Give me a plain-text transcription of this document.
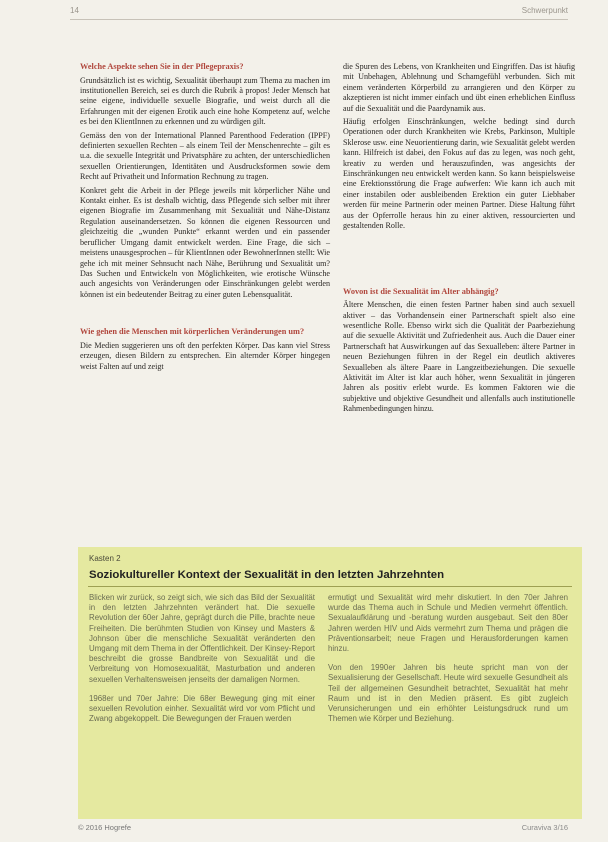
14	Schwerpunkt

Welche Aspekte sehen Sie in der Pflegepraxis?

Grundsätzlich ist es wichtig, Sexualität überhaupt zum Thema zu machen im institutionellen Bereich, sei es durch die Rubrik à propos! Jeder Mensch hat seine eigene, individuelle sexuelle Biografie, und weist durch all die Erfahrungen mit der eigenen Erotik auch eine hohe Kompetenz auf, welche es bei den KlientInnen zu erkennen und zu würdigen gilt.

Gemäss den von der International Planned Parenthood Federation (IPPF) definierten sexuellen Rechten – als einem Teil der Menschenrechte – gilt es u.a. die sexuelle Integrität und Privatsphäre zu achten, der unterschiedlichen sexuellen Orientierungen, Identitäten und Ausdrucksformen sowie dem Recht auf Privatheit und Information Rechnung zu tragen.

Konkret geht die Arbeit in der Pflege jeweils mit körperlicher Nähe und Kontakt einher. Es ist deshalb wichtig, dass Pflegende sich selber mit ihrer eigenen Biografie im Zusammenhang mit Sexualität und Nähe-Distanz Regulation auseinandersetzen. So können die eigenen Ressourcen und gleichzeitig die „wunden Punkte“ erkannt werden und ein passender beruflicher Umgang damit entwickelt werden. Eine Frage, die sich – meistens unausgesprochen – für KlientInnen oder BewohnerInnen stellt: Wie gehe ich mit meiner Sehnsucht nach Nähe, Berührung und Sexualität um? Das Suchen und Entwickeln von Möglichkeiten, wie erotische Wünsche auch angesichts von Veränderungen oder Einschränkungen gelebt werden können ist ein bedeutender Beitrag zu einer guten Lebensqualität.

Wie gehen die Menschen mit körperlichen Veränderungen um?

Die Medien suggerieren uns oft den perfekten Körper. Das kann viel Stress erzeugen, diesen Bildern zu entsprechen. Ein alternder Körper hingegen weist Falten auf und zeigt

die Spuren des Lebens, von Krankheiten und Eingriffen. Das ist häufig mit Unbehagen, Ablehnung und Schamgefühl verbunden. Sich mit einem veränderten Körperbild zu arrangieren und den Körper zu akzeptieren ist nicht immer einfach und übt einen erheblichen Einfluss auf die Sexualität und die Paardynamik aus.

Häufig erfolgen Einschränkungen, welche bedingt sind durch Operationen oder durch Krankheiten wie Krebs, Parkinson, Multiple Sklerose usw. eine Neuorientierung darin, wie Sexualität gelebt werden kann. Hilfreich ist dabei, den Fokus auf das zu legen, was noch geht, kreativ zu werden und herauszufinden, was angesichts der Einschränkungen neu entwickelt werden kann. So kann beispielsweise eine Erektionsstörung die Frage aufwerfen: Wie kann ich auch mit einer instabilen oder ausbleibenden Erektion ein guter Liebhaber werden für meine Partnerin oder meinen Partner. Diese Haltung führt aus der Opferrolle heraus hin zu einer aktiven, ressourcierten und gestaltenden Rolle.

Wovon ist die Sexualität im Alter abhängig?

Ältere Menschen, die einen festen Partner haben sind auch sexuell aktiver – das Vorhandensein einer Partnerschaft spielt also eine wesentliche Rolle. Ebenso wirkt sich die Qualität der Paarbeziehung auf die sexuelle Aktivität und Zufriedenheit aus. Auch die Dauer einer Partnerschaft hat Auswirkungen auf das Sexualleben: ältere Partner in neuen Beziehungen führen in der Regel ein deutlich aktiveres Sexualleben als ältere Paare in Langzeitbeziehungen. Die sexuelle Aktivität im Alter ist klar auch höher, wenn Sexualität in jüngeren Jahren als positiv erlebt wurde. Es kommen Faktoren wie die subjektive und objektive Gesundheit und allenfalls auch institutionelle Rahmenbedingungen hinzu.

Kasten 2
Soziokultureller Kontext der Sexualität in den letzten Jahrzehnten

Blicken wir zurück, so zeigt sich, wie sich das Bild der Sexualität in den letzten Jahrzehnten verändert hat. Die sexuelle Revolution der 60er Jahre, geprägt durch die Pille, brachte neue Freiheiten. Die berühmten Studien von Kinsey und Masters & Johnson über die menschliche Sexualität veränderten den Umgang mit dem Thema in der Öffentlichkeit. Der Kinsey-Report beschreibt die grosse Bandbreite von Sexualität und die Verbreitung von Homosexualität, Masturbation und anderen sexuellen Verhaltensweisen jenseits der damaligen Normen.

1968er und 70er Jahre: Die 68er Bewegung ging mit einer sexuellen Revolution einher. Sexualität wird vor vom Pflicht und Zwang abgekoppelt. Die Bewegungen der Frauen werden

ermutigt und Sexualität wird mehr diskutiert. In den 70er Jahren wurde das Thema auch in Schule und Medien vermehrt öffentlich. Sexualaufklärung und -beratung wurden ausgebaut. Seit den 80er Jahren werden HIV und Aids vermehrt zum Thema und prägen die Präventionsarbeit; neue Fragen und Herausforderungen kamen hinzu.

Von den 1990er Jahren bis heute spricht man von der Sexualisierung der Gesellschaft. Heute wird sexuelle Gesundheit als Teil der allgemeinen Gesundheit betrachtet, Sexualität hat mehr Raum und ist in den Medien präsent. Es gibt zugleich Verunsicherungen und ein erhöhter Leistungsdruck rund um Themen wie Körper und Beziehung.

© 2016 Hogrefe	Curaviva 3/16
